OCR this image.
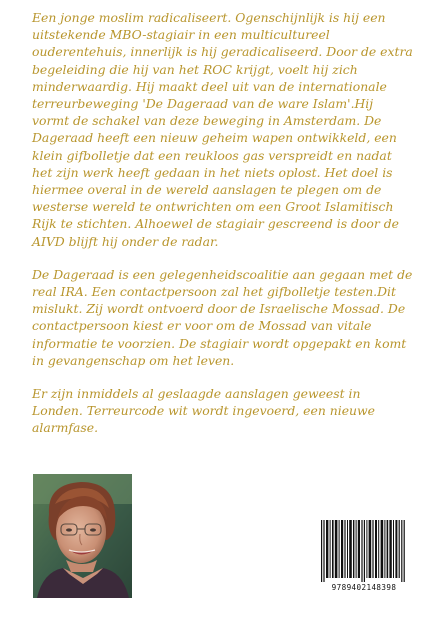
Een jonge moslim radicaliseert. Ogenschijnlijk is hij een uitstekende MBO-stagiair in een multicultureel ouderentehuis, innerlijk is hij geradicaliseerd. Door de extra begeleiding die hij van het ROC krijgt, voelt hij zich minderwaardig. Hij maakt deel uit van de internationale terreurbeweging 'De Dageraad van de ware Islam'.Hij vormt de schakel van deze beweging in Amsterdam. De Dageraad heeft een nieuw geheim wapen ontwikkeld, een klein gifbolletje dat een reukloos gas verspreidt en nadat het zijn werk heeft gedaan in het niets oplost. Het doel is hiermee overal in de wereld aanslagen te plegen om de westerse wereld te ontwrichten om een Groot Islamitisch Rijk te stichten. Alhoewel de stagiair gescreend is door de AIVD blijft hij onder de radar.

De Dageraad is een gelegenheidscoalitie aan gegaan met de real IRA. Een contactpersoon zal het gifbolletje testen.Dit mislukt. Zij wordt ontvoerd door de Israelische Mossad. De contactpersoon kiest er voor om de Mossad van vitale informatie te voorzien. De stagiair wordt opgepakt en komt in gevangenschap om het leven.

Er zijn inmiddels al geslaagde aanslagen geweest in Londen. Terreurcode wit wordt ingevoerd, een nieuwe alarmfase.

9789402148398
